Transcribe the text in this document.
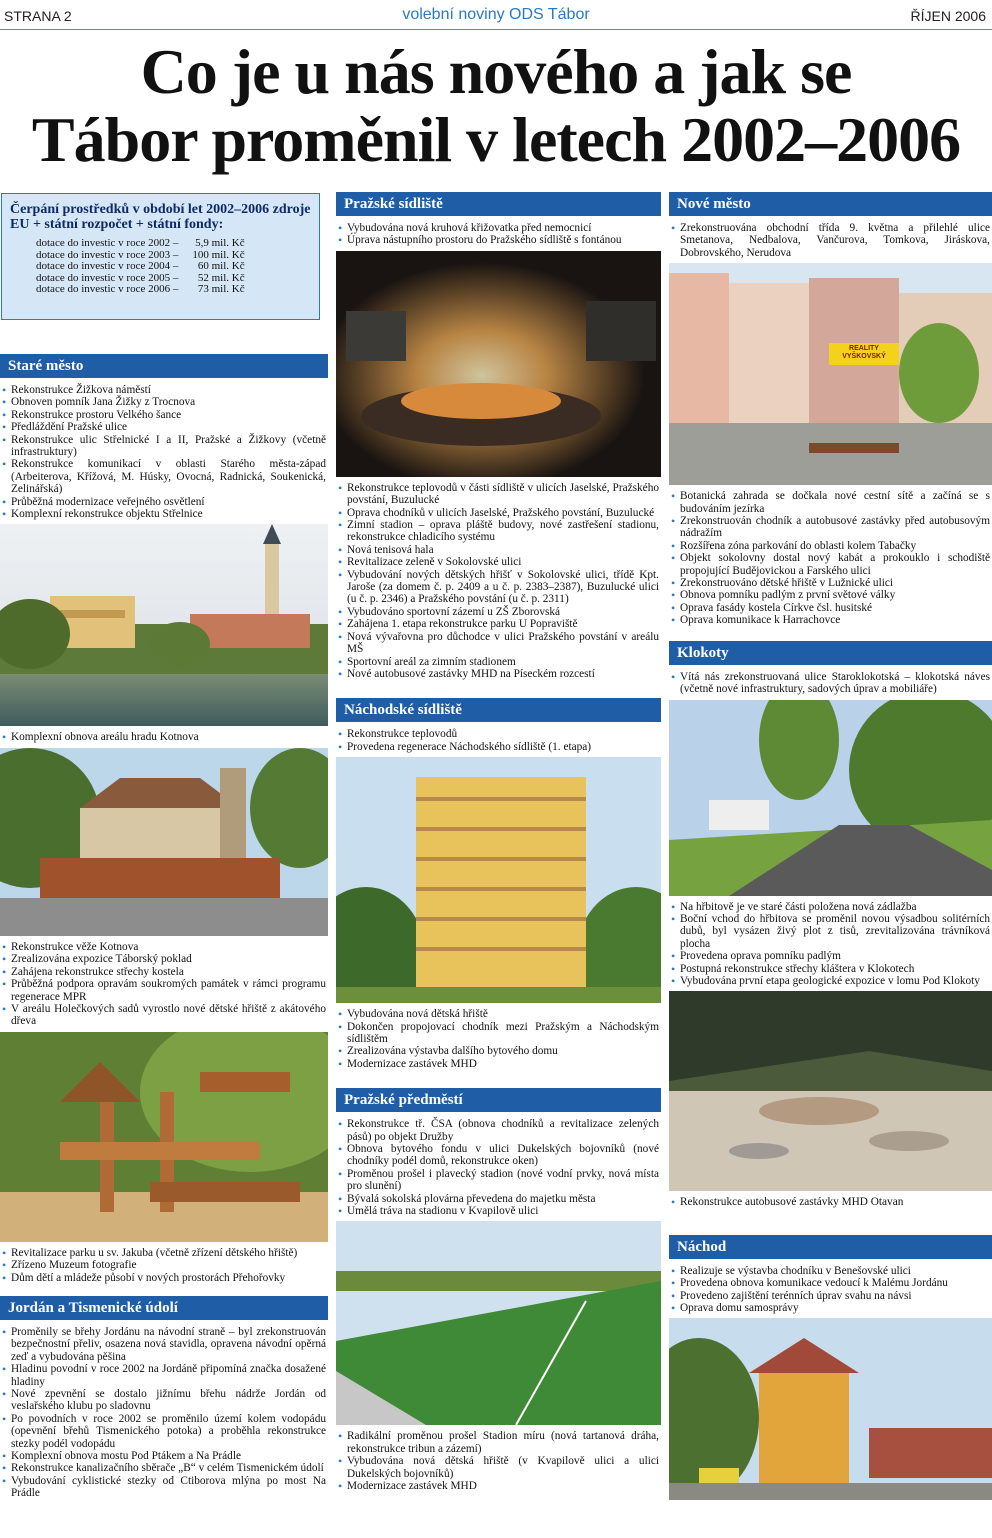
STRANA 2	volební noviny ODS Tábor	ŘÍJEN 2006
Co je u nás nového a jak se
Tábor proměnil v letech 2002–2006
Čerpání prostředků v období let 2002–2006 zdroje EU + státní rozpočet + státní fondy:
dotace do investic v roce 2002 –	5,9 mil. Kč
dotace do investic v roce 2003 –	100 mil. Kč
dotace do investic v roce 2004 –	60 mil. Kč
dotace do investic v roce 2005 –	52 mil. Kč
dotace do investic v roce 2006 –	73 mil. Kč
Staré město
• Rekonstrukce Žižkova náměstí
• Obnoven pomník Jana Žižky z Trocnova
• Rekonstrukce prostoru Velkého šance
• Předláždění Pražské ulice
• Rekonstrukce ulic Střelnické I a II, Pražské a Žižkovy (včetně infrastruktury)
• Rekonstrukce komunikací v oblasti Starého města-západ (Arbeiterova, Křížová, M. Húsky, Ovocná, Radnická, Soukenická, Zelinářská)
• Průběžná modernizace veřejného osvětlení
• Komplexní rekonstrukce objektu Střelnice
• Komplexní obnova areálu hradu Kotnova
• Rekonstrukce věže Kotnova
• Zrealizována expozice Táborský poklad
• Zahájena rekonstrukce střechy kostela
• Průběžná podpora opravám soukromých památek v rámci programu regenerace MPR
• V areálu Holečkových sadů vyrostlo nové dětské hřiště z akátového dřeva
• Revitalizace parku u sv. Jakuba (včetně zřízení dětského hřiště)
• Zřízeno Muzeum fotografie
• Dům dětí a mládeže působí v nových prostorách Přehořovky
Jordán a Tismenické údolí
• Proměnily se břehy Jordánu na návodní straně – byl zrekonstruován bezpečnostní přeliv, osazena nová stavidla, opravena návodní opěrná zeď a vybudována pěšina
• Hladinu povodní v roce 2002 na Jordáně připomíná značka dosažené hladiny
• Nové zpevnění se dostalo jižnímu břehu nádrže Jordán od veslařského klubu po sladovnu
• Po povodních v roce 2002 se proměnilo území kolem vodopádu (opevnění břehů Tismenického potoka) a proběhla rekonstrukce stezky podél vodopádu
• Komplexní obnova mostu Pod Ptákem a Na Prádle
• Rekonstrukce kanalizačního sběrače „B“ v celém Tismenickém údolí
• Vybudování cyklistické stezky od Ctiborova mlýna po most Na Prádle
Pražské sídliště
• Vybudována nová kruhová křižovatka před nemocnicí
• Úprava nástupního prostoru do Pražského sídliště s fontánou
• Rekonstrukce teplovodů v části sídliště v ulicích Jaselské, Pražského povstání, Buzulucké
• Oprava chodníků v ulicích Jaselské, Pražského povstání, Buzulucké
• Zimní stadion – oprava pláště budovy, nové zastřešení stadionu, rekonstrukce chladicího systému
• Nová tenisová hala
• Revitalizace zeleně v Sokolovské ulici
• Vybudování nových dětských hřišť v Sokolovské ulici, třídě Kpt. Jaroše (za domem č. p. 2409 a u č. p. 2383–2387), Buzulucké ulici (u č. p. 2346) a Pražského povstání (u č. p. 2311)
• Vybudováno sportovní zázemí u ZŠ Zborovská
• Zahájena 1. etapa rekonstrukce parku U Popraviště
• Nová vývařovna pro důchodce v ulici Pražského povstání v areálu MŠ
• Sportovní areál za zimním stadionem
• Nové autobusové zastávky MHD na Píseckém rozcestí
Náchodské sídliště
• Rekonstrukce teplovodů
• Provedena regenerace Náchodského sídliště (1. etapa)
• Vybudována nová dětská hřiště
• Dokončen propojovací chodník mezi Pražským a Náchodským sídlištěm
• Zrealizována výstavba dalšího bytového domu
• Modernizace zastávek MHD
Pražské předměstí
• Rekonstrukce tř. ČSA (obnova chodníků a revitalizace zelených pásů) po objekt Družby
• Obnova bytového fondu v ulici Dukelských bojovníků (nové chodníky podél domů, rekonstrukce oken)
• Proměnou prošel i plavecký stadion (nové vodní prvky, nová místa pro slunění)
• Bývalá sokolská plovárna převedena do majetku města
• Umělá tráva na stadionu v Kvapilově ulici
• Radikální proměnou prošel Stadion míru (nová tartanová dráha, rekonstrukce tribun a zázemí)
• Vybudována nová dětská hřiště (v Kvapilově ulici a ulici Dukelských bojovníků)
• Modernizace zastávek MHD
Nové město
• Zrekonstruována obchodní třída 9. května a přilehlé ulice Smetanova, Nedbalova, Vančurova, Tomkova, Jiráskova, Dobrovského, Nerudova
REALITY VYŠKOVSKÝ
• Botanická zahrada se dočkala nové cestní sítě a začíná se s budováním jezírka
• Zrekonstruován chodník a autobusové zastávky před autobusovým nádražím
• Rozšířena zóna parkování do oblasti kolem Tabačky
• Objekt sokolovny dostal nový kabát a prokouklo i schodiště propojující Budějovickou a Farského ulici
• Zrekonstruováno dětské hřiště v Lužnické ulici
• Obnova pomníku padlým z první světové války
• Oprava fasády kostela Církve čsl. husitské
• Oprava komunikace k Harrachovce
Klokoty
• Vítá nás zrekonstruovaná ulice Staroklokotská – klokotská náves (včetně nové infrastruktury, sadových úprav a mobiliáře)
• Na hřbitově je ve staré části položena nová zádlažba
• Boční vchod do hřbitova se proměnil novou výsadbou solitérních dubů, byl vysázen živý plot z tisů, zrevitalizována trávníková plocha
• Provedena oprava pomníku padlým
• Postupná rekonstrukce střechy kláštera v Klokotech
• Vybudována první etapa geologické expozice v lomu Pod Klokoty
• Rekonstrukce autobusové zastávky MHD Otavan
Náchod
• Realizuje se výstavba chodníku v Benešovské ulici
• Provedena obnova komunikace vedoucí k Malému Jordánu
• Provedeno zajištění terénních úprav svahu na návsi
• Oprava domu samosprávy
